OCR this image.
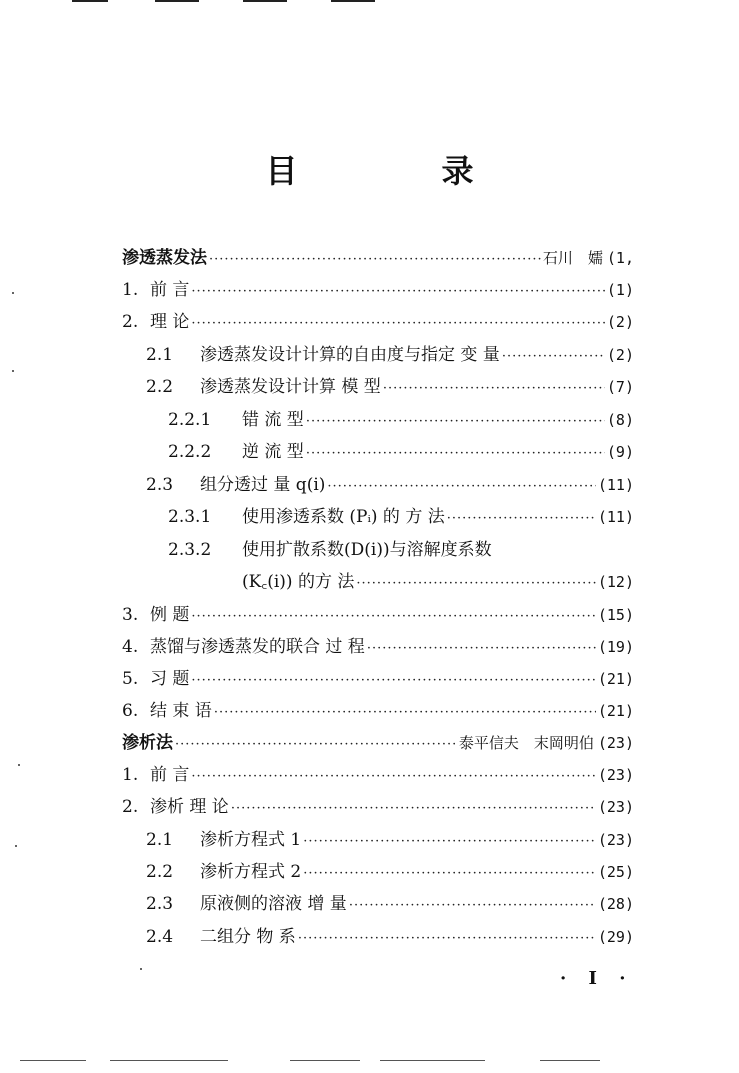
目　录
渗透蒸发法 ·····	石川　嬬 (1,
1. 前 言 ·····	(1)
2. 理 论 ·····	(2)
2.1	渗透蒸发设计计算的自由度与指定 变 量 ·····	(2)
2.2	渗透蒸发设计计算 模 型 ·····	(7)
2.2.1	错 流 型 ·····	(8)
2.2.2	逆 流 型 ·····	(9)
2.3	组分透过 量 q(i) ·····	(11)
2.3.1	使用渗透系数 (Pᵢ) 的 方 法 ·····	(11)
2.3.2	使用扩散系数(D(i))与溶解度系数
(K꜀(i)) 的方 法 ·····	(12)
3. 例 题 ·····	(15)
4. 蒸馏与渗透蒸发的联合 过 程 ·····	(19)
5. 习 题 ·····	(21)
6. 结 束 语 ·····	(21)
渗析法 ·····	泰平信夫　末岡明伯 (23)
1. 前 言 ·····	(23)
2. 渗析 理 论 ·····	(23)
2.1	渗析方程式 1 ·····	(23)
2.2	渗析方程式 2 ·····	(25)
2.3	原液侧的溶液 增 量 ·····	(28)
2.4	二组分 物 系 ·····	(29)
· I ·
